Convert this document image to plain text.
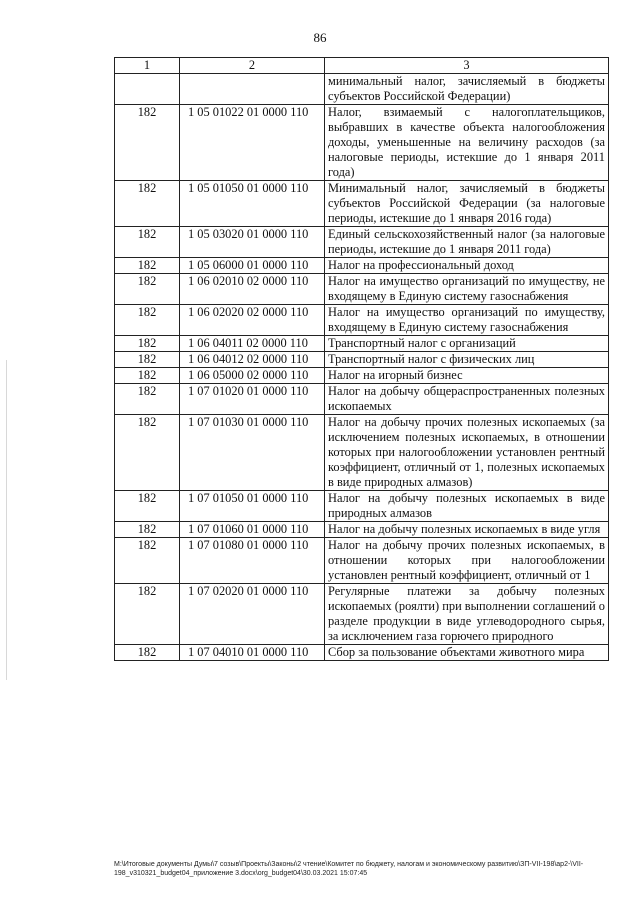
86
1	2	3
		минимальный налог, зачисляемый в бюджеты субъектов Российской Федерации)
182	1 05 01022 01 0000 110	Налог, взимаемый с налогоплательщиков, выбравших в качестве объекта налогообложения доходы, уменьшенные на величину расходов (за налоговые периоды, истекшие до 1 января 2011 года)
182	1 05 01050 01 0000 110	Минимальный налог, зачисляемый в бюджеты субъектов Российской Федерации (за налоговые периоды, истекшие до 1 января 2016 года)
182	1 05 03020 01 0000 110	Единый сельскохозяйственный налог (за налоговые периоды, истекшие до 1 января 2011 года)
182	1 05 06000 01 0000 110	Налог на профессиональный доход
182	1 06 02010 02 0000 110	Налог на имущество организаций по имуществу, не входящему в Единую систему газоснабжения
182	1 06 02020 02 0000 110	Налог на имущество организаций по имуществу, входящему в Единую систему газоснабжения
182	1 06 04011 02 0000 110	Транспортный налог с организаций
182	1 06 04012 02 0000 110	Транспортный налог с физических лиц
182	1 06 05000 02 0000 110	Налог на игорный бизнес
182	1 07 01020 01 0000 110	Налог на добычу общераспространенных полезных ископаемых
182	1 07 01030 01 0000 110	Налог на добычу прочих полезных ископаемых (за исключением полезных ископаемых, в отношении которых при налогообложении установлен рентный коэффициент, отличный от 1, полезных ископаемых в виде природных алмазов)
182	1 07 01050 01 0000 110	Налог на добычу полезных ископаемых в виде природных алмазов
182	1 07 01060 01 0000 110	Налог на добычу полезных ископаемых в виде угля
182	1 07 01080 01 0000 110	Налог на добычу прочих полезных ископаемых, в отношении которых при налогообложении установлен рентный коэффициент, отличный от 1
182	1 07 02020 01 0000 110	Регулярные платежи за добычу полезных ископаемых (роялти) при выполнении соглашений о разделе продукции в виде углеводородного сырья, за исключением газа горючего природного
182	1 07 04010 01 0000 110	Сбор за пользование объектами животного мира
M:\Итоговые документы Думы\7 созыв\Проекты\Законы\2 чтение\Комитет по бюджету, налогам и экономическому развитию\ЗП-VII-198\ap2-\VII-198_v310321_budget04_приложение 3.docx\org_budget04\30.03.2021 15:07:45
